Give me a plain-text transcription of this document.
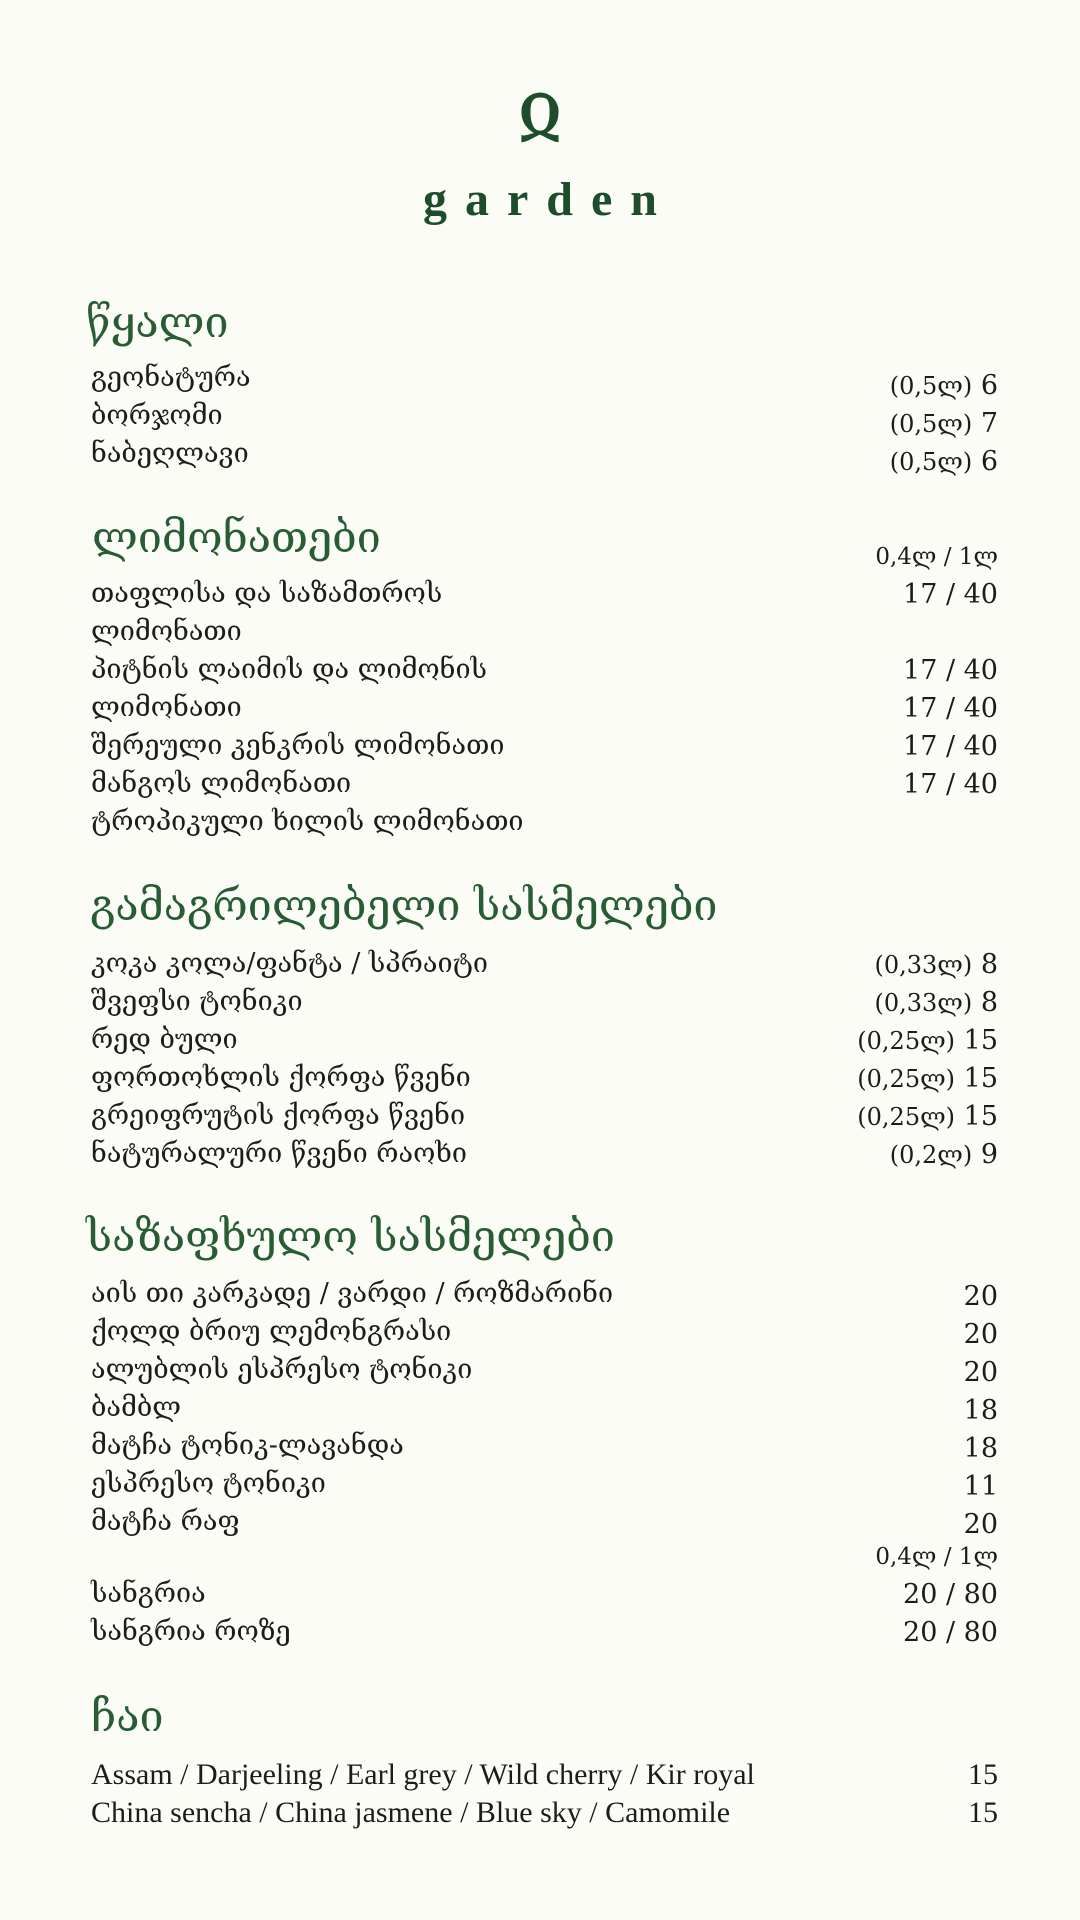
ჲ
garden
წყალი
გეონატურა	(0,5ლ) 6
ბორჯომი	(0,5ლ) 7
ნაბეღლავი	(0,5ლ) 6
ლიმონათები	0,4ლ / 1ლ
თაფლისა და საზამთროს	17 / 40
ლიმონათი
პიტნის ლაიმის და ლიმონის	17 / 40
ლიმონათი	17 / 40
შერეული კენკრის ლიმონათი	17 / 40
მანგოს ლიმონათი	17 / 40
ტროპიკული ხილის ლიმონათი
გამაგრილებელი სასმელები
კოკა კოლა/ფანტა / სპრაიტი	(0,33ლ) 8
შვეფსი ტონიკი	(0,33ლ) 8
რედ ბული	(0,25ლ) 15
ფორთოხლის ქორფა წვენი	(0,25ლ) 15
გრეიფრუტის ქორფა წვენი	(0,25ლ) 15
ნატურალური წვენი რაოხი	(0,2ლ) 9
საზაფხულო სასმელები
აის თი კარკადე / ვარდი / როზმარინი	20
ქოლდ ბრიუ ლემონგრასი	20
ალუბლის ესპრესო ტონიკი	20
ბამბლ	18
მატჩა ტონიკ-ლავანდა	18
ესპრესო ტონიკი	11
მატჩა რაფ	20
0,4ლ / 1ლ
სანგრია	20 / 80
სანგრია როზე	20 / 80
ჩაი
Assam / Darjeeling / Earl grey / Wild cherry / Kir royal	15
China sencha / China jasmene / Blue sky / Camomile	15
